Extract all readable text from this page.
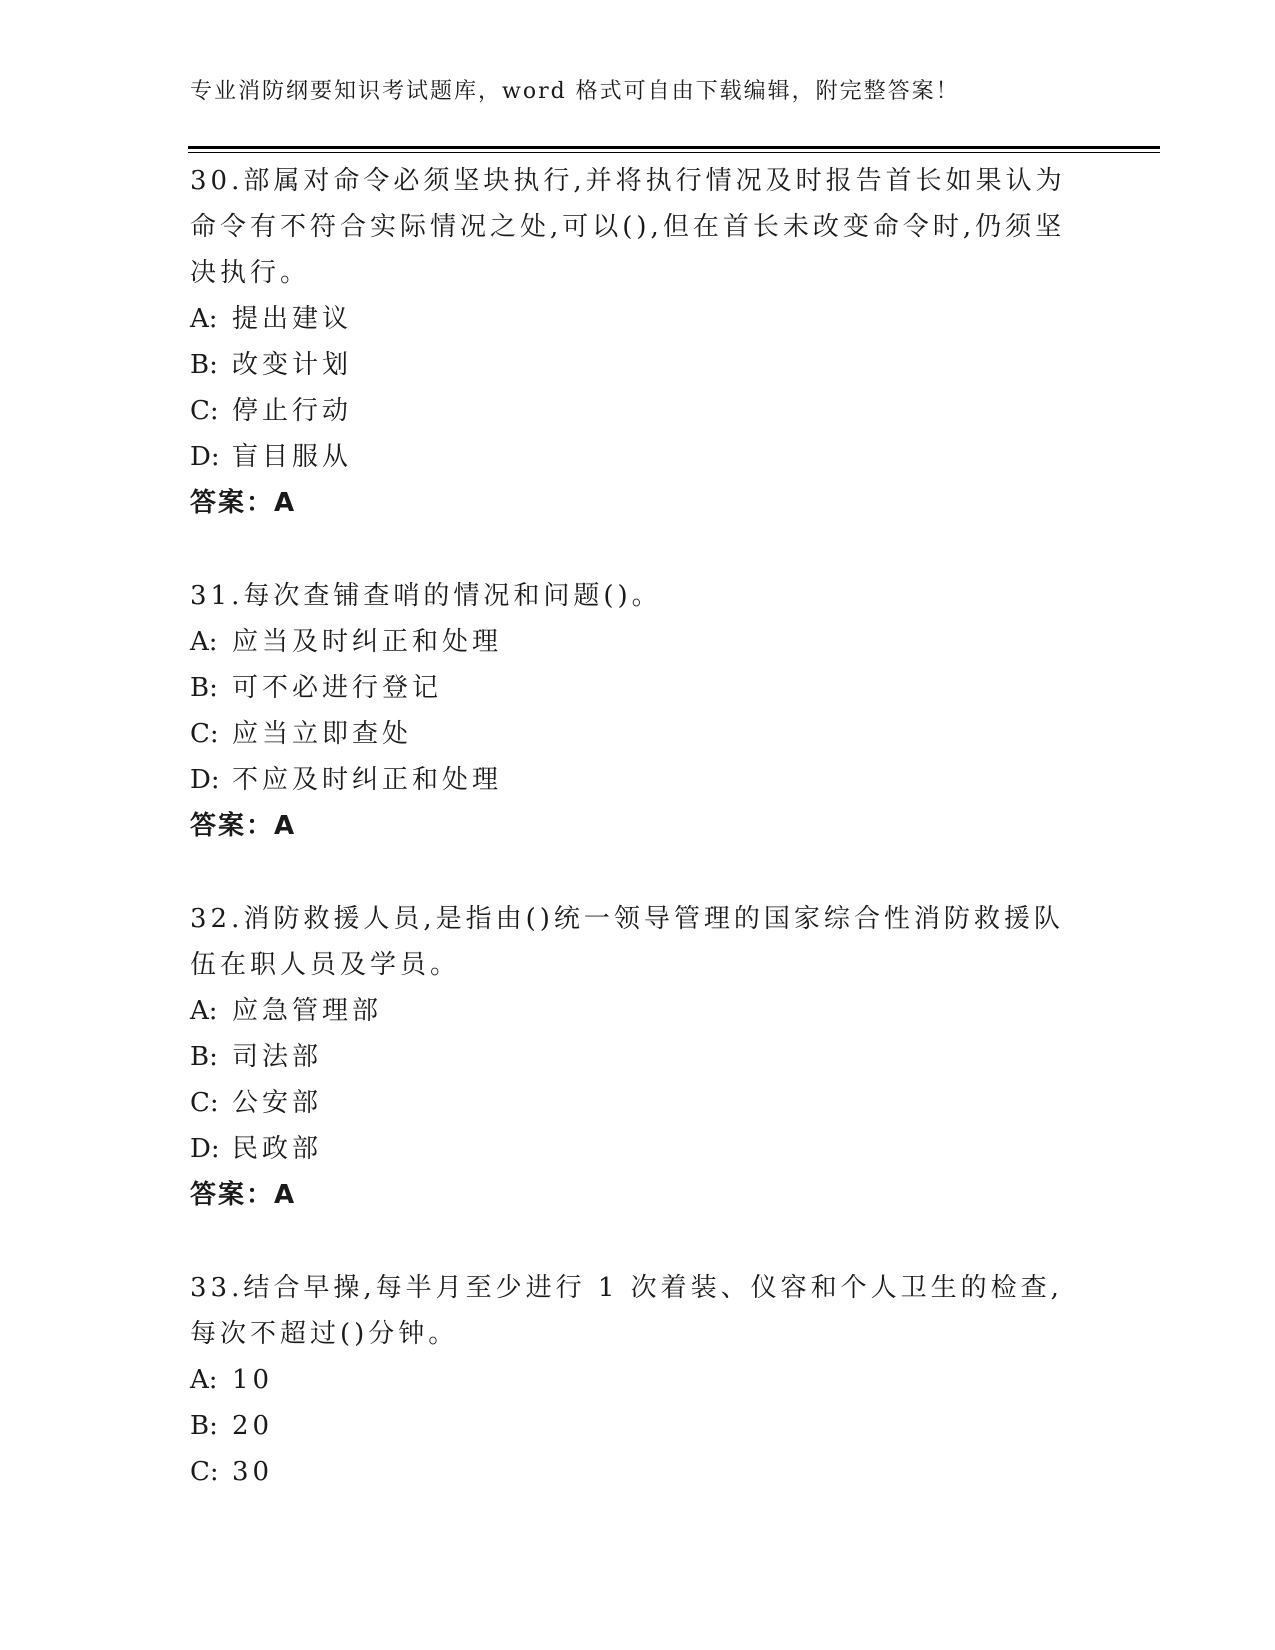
专业消防纲要知识考试题库，word 格式可自由下载编辑，附完整答案！

30.部属对命令必须坚块执行,并将执行情况及时报告首长如果认为 命令有不符合实际情况之处,可以(),但在首长未改变命令时,仍须坚决执行。

A: 提出建议

B: 改变计划

C: 停止行动

D: 盲目服从

答案：A

31.每次查铺查哨的情况和问题()。

A: 应当及时纠正和处理

B: 可不必进行登记

C: 应当立即查处

D: 不应及时纠正和处理

答案：A

32.消防救援人员,是指由()统一领导管理的国家综合性消防救援队伍在职人员及学员。

A: 应急管理部

B: 司法部

C: 公安部

D: 民政部

答案：A

33.结合早操,每半月至少进行 1 次着装、仪容和个人卫生的检查,每次不超过()分钟。

A: 10

B: 20

C: 30
